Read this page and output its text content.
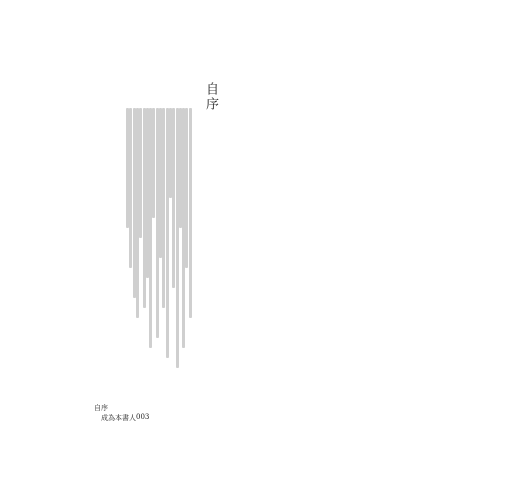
自序
自序
成為本書人 003
